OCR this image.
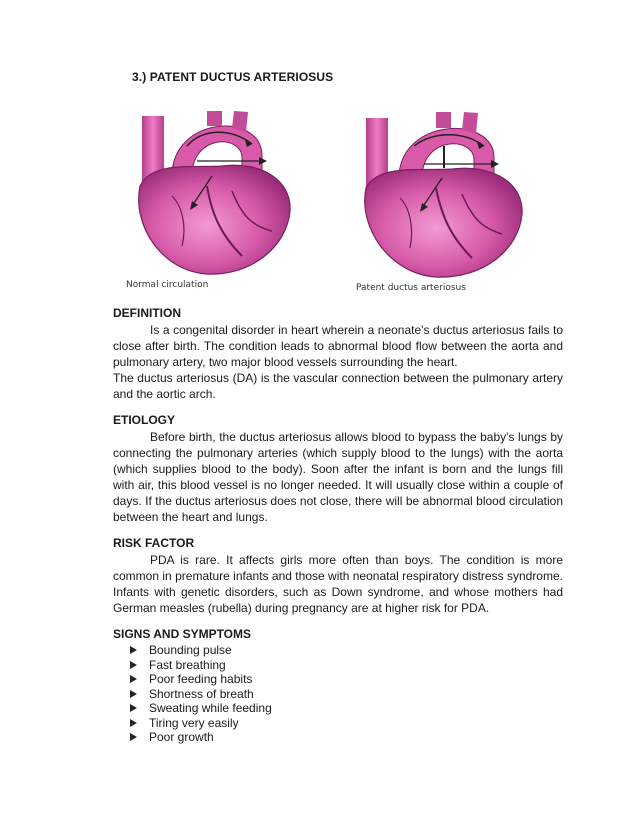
3.) PATENT DUCTUS ARTERIOSUS
Normal circulation	Patent ductus arteriosus
DEFINITION
Is a congenital disorder in heart wherein a neonate's ductus arteriosus fails to close after birth. The condition leads to abnormal blood flow between the aorta and pulmonary artery, two major blood vessels surrounding the heart.
The ductus arteriosus (DA) is the vascular connection between the pulmonary artery and the aortic arch.
ETIOLOGY
Before birth, the ductus arteriosus allows blood to bypass the baby's lungs by connecting the pulmonary arteries (which supply blood to the lungs) with the aorta (which supplies blood to the body). Soon after the infant is born and the lungs fill with air, this blood vessel is no longer needed. It will usually close within a couple of days. If the ductus arteriosus does not close, there will be abnormal blood circulation between the heart and lungs.
RISK FACTOR
PDA is rare. It affects girls more often than boys. The condition is more common in premature infants and those with neonatal respiratory distress syndrome. Infants with genetic disorders, such as Down syndrome, and whose mothers had German measles (rubella) during pregnancy are at higher risk for PDA.
SIGNS AND SYMPTOMS
Bounding pulse
Fast breathing
Poor feeding habits
Shortness of breath
Sweating while feeding
Tiring very easily
Poor growth
